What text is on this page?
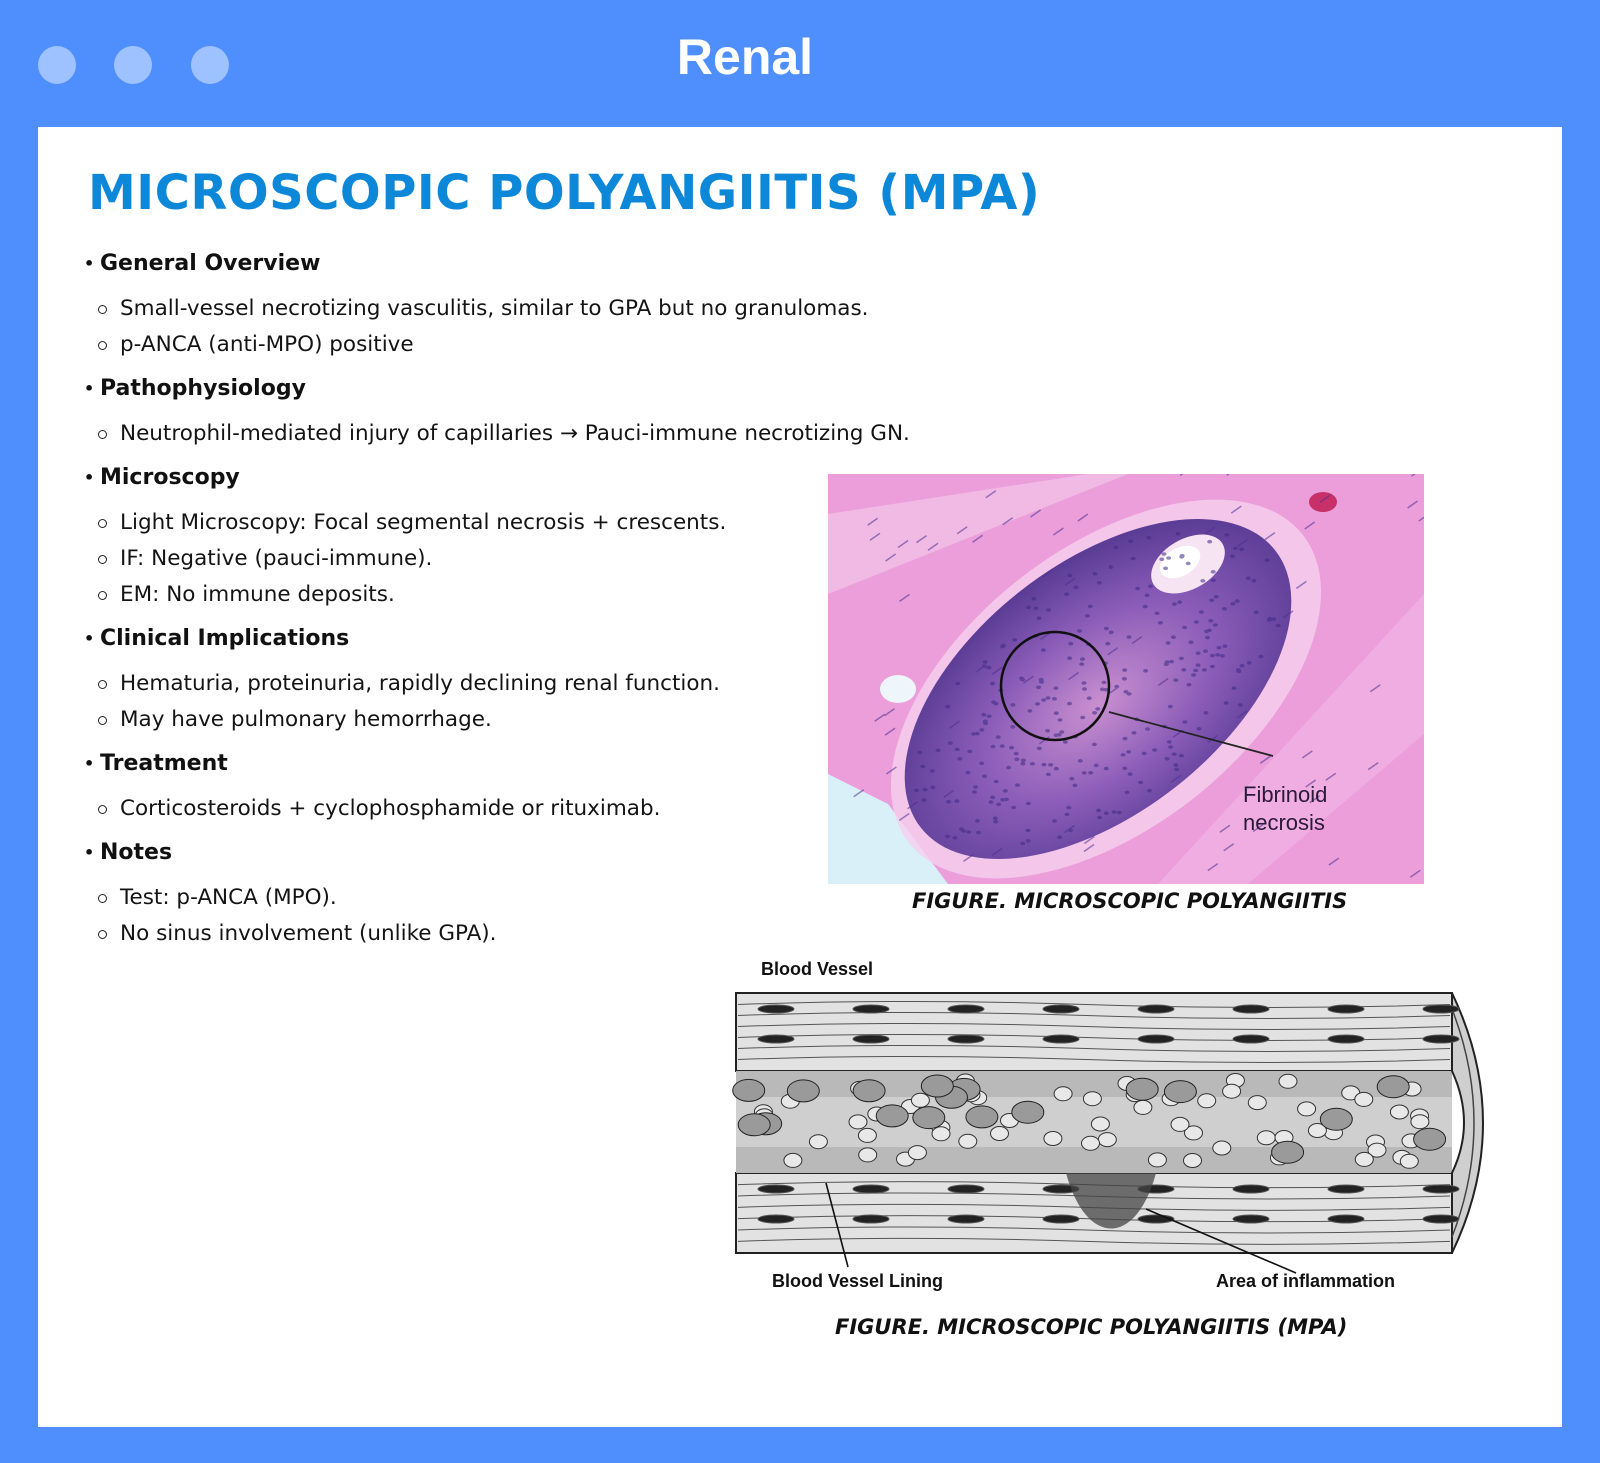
Renal
MICROSCOPIC POLYANGIITIS (MPA)
• General Overview
Small-vessel necrotizing vasculitis, similar to GPA but no granulomas.
p-ANCA (anti-MPO) positive
• Pathophysiology
Neutrophil-mediated injury of capillaries → Pauci-immune necrotizing GN.
• Microscopy
Light Microscopy: Focal segmental necrosis + crescents.
IF: Negative (pauci-immune).
EM: No immune deposits.
• Clinical Implications
Hematuria, proteinuria, rapidly declining renal function.
May have pulmonary hemorrhage.
• Treatment
Corticosteroids + cyclophosphamide or rituximab.
• Notes
Test: p-ANCA (MPO).
No sinus involvement (unlike GPA).
Fibrinoid
necrosis
FIGURE. MICROSCOPIC POLYANGIITIS
Blood Vessel
Blood Vessel Lining	Area of inflammation
FIGURE. MICROSCOPIC POLYANGIITIS (MPA)
